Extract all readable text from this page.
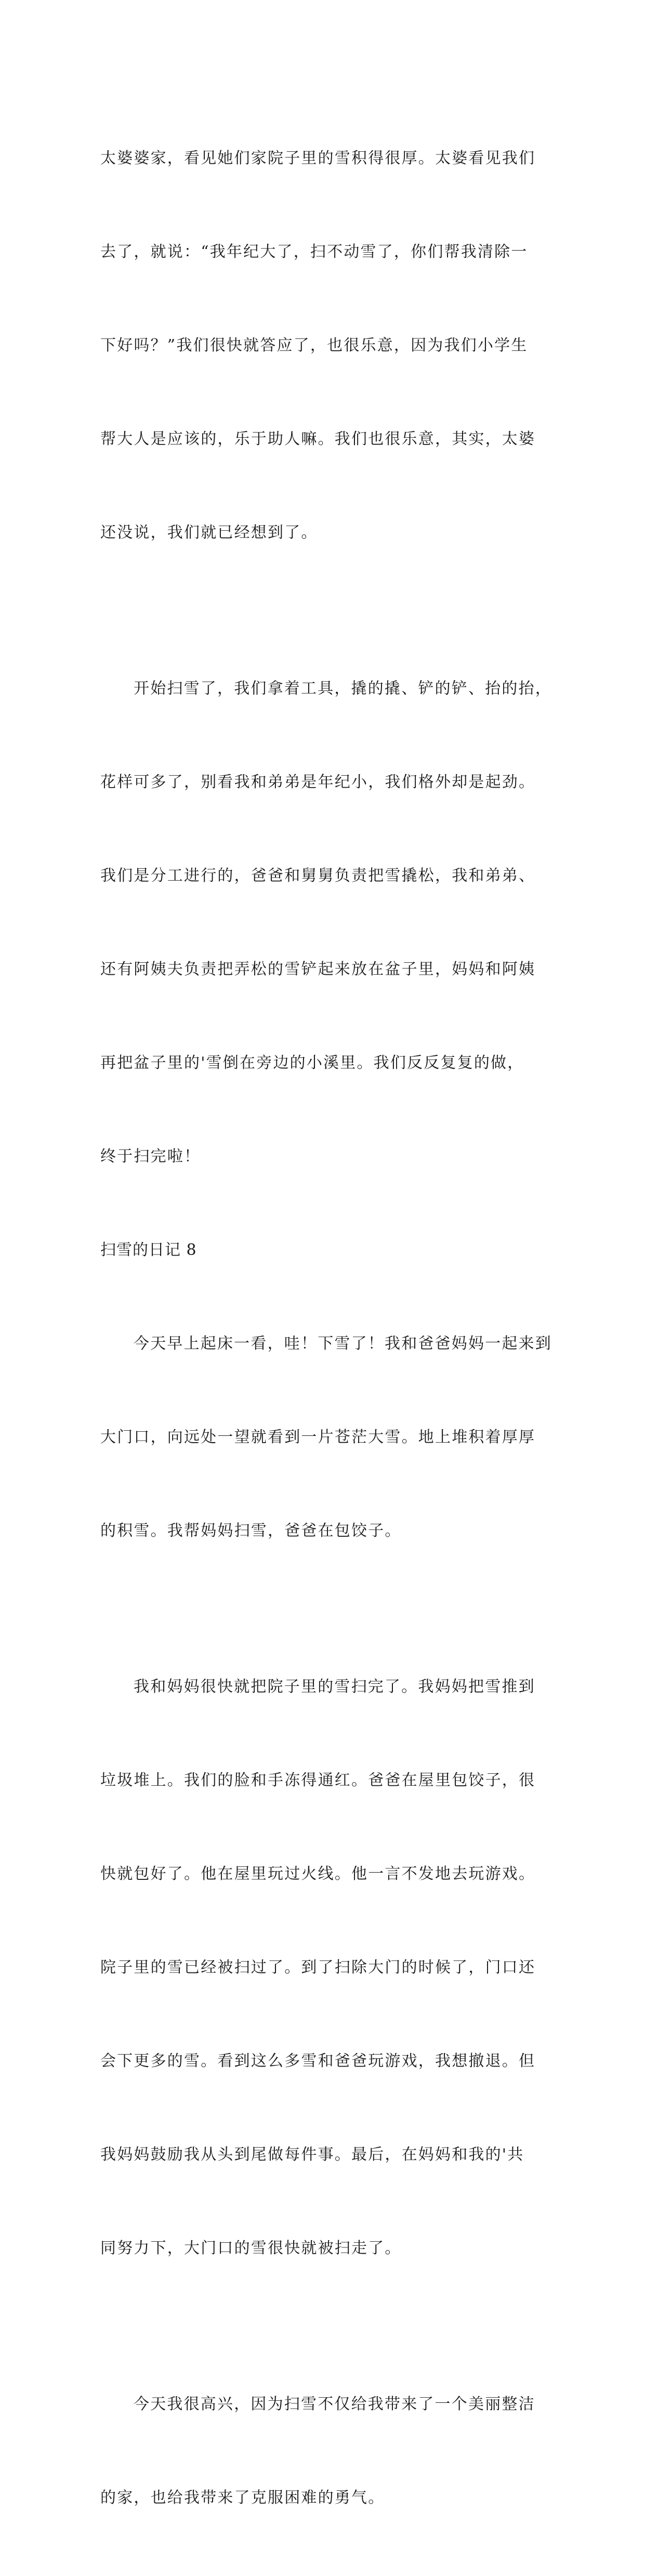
太婆婆家，看见她们家院子里的雪积得很厚。太婆看见我们

去了，就说：“我年纪大了，扫不动雪了，你们帮我清除一

下好吗？”我们很快就答应了，也很乐意，因为我们小学生

帮大人是应该的，乐于助人嘛。我们也很乐意，其实，太婆

还没说，我们就已经想到了。

开始扫雪了，我们拿着工具，撬的撬、铲的铲、抬的抬，

花样可多了，别看我和弟弟是年纪小，我们格外却是起劲。

我们是分工进行的，爸爸和舅舅负责把雪撬松，我和弟弟、

还有阿姨夫负责把弄松的雪铲起来放在盆子里，妈妈和阿姨

再把盆子里的'雪倒在旁边的小溪里。我们反反复复的做，

终于扫完啦！

扫雪的日记 8

今天早上起床一看，哇！下雪了！我和爸爸妈妈一起来到

大门口，向远处一望就看到一片苍茫大雪。地上堆积着厚厚

的积雪。我帮妈妈扫雪，爸爸在包饺子。

我和妈妈很快就把院子里的雪扫完了。我妈妈把雪推到

垃圾堆上。我们的脸和手冻得通红。爸爸在屋里包饺子，很

快就包好了。他在屋里玩过火线。他一言不发地去玩游戏。

院子里的雪已经被扫过了。到了扫除大门的时候了，门口还

会下更多的雪。看到这么多雪和爸爸玩游戏，我想撤退。但

我妈妈鼓励我从头到尾做每件事。最后，在妈妈和我的'共

同努力下，大门口的雪很快就被扫走了。

今天我很高兴，因为扫雪不仅给我带来了一个美丽整洁

的家，也给我带来了克服困难的勇气。
